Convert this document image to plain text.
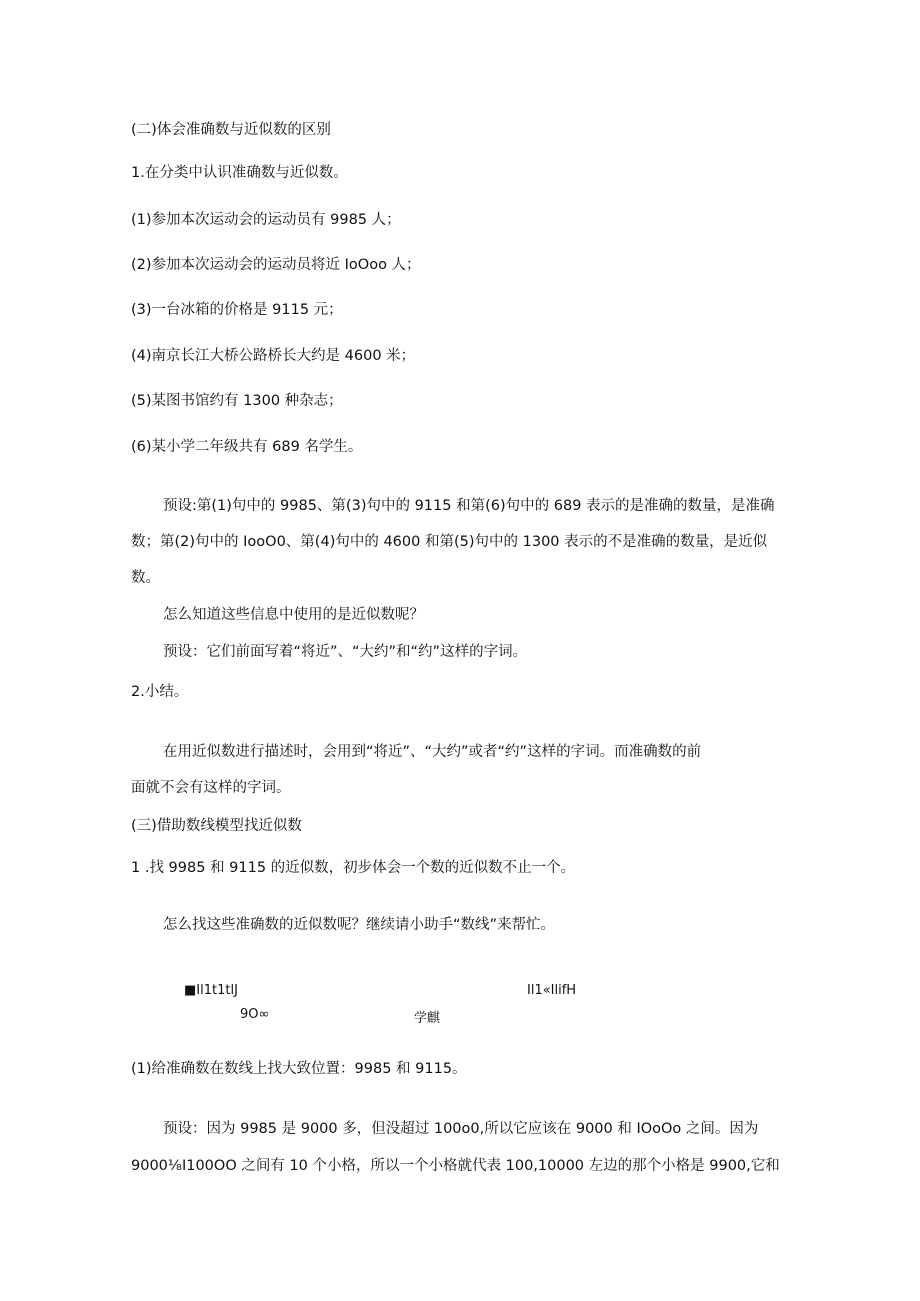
(二)体会准确数与近似数的区别
1.在分类中认识准确数与近似数。
(1)参加本次运动会的运动员有 9985 人；
(2)参加本次运动会的运动员将近 IoOoo 人；
(3)一台冰箱的价格是 9115 元；
(4)南京长江大桥公路桥长大约是 4600 米；
(5)某图书馆约有 1300 种杂志；
(6)某小学二年级共有 689 名学生。
预设:第(1)句中的 9985、第(3)句中的 9115 和第(6)句中的 689 表示的是准确的数量，是准确
数；第(2)句中的 IooO0、第(4)句中的 4600 和第(5)句中的 1300 表示的不是准确的数量，是近似
数。
怎么知道这些信息中使用的是近似数呢？
预设：它们前面写着“将近”、“大约”和“约”这样的字词。
2.小结。
在用近似数进行描述时，会用到“将近”、“大约”或者“约”这样的字词。而准确数的前
面就不会有这样的字词。
(三)借助数线模型找近似数
1 .找 9985 和 9115 的近似数，初步体会一个数的近似数不止一个。
怎么找这些准确数的近似数呢？继续请小助手“数线”来帮忙。
■Il1t1tlJ	Il1«IlifH
9O∞	学麒
(1)给准确数在数线上找大致位置：9985 和 9115。
预设：因为 9985 是 9000 多，但没超过 100o0,所以它应该在 9000 和 IOoOo 之间。因为
9000⅛I100OO 之间有 10 个小格，所以一个小格就代表 100,10000 左边的那个小格是 9900,它和
